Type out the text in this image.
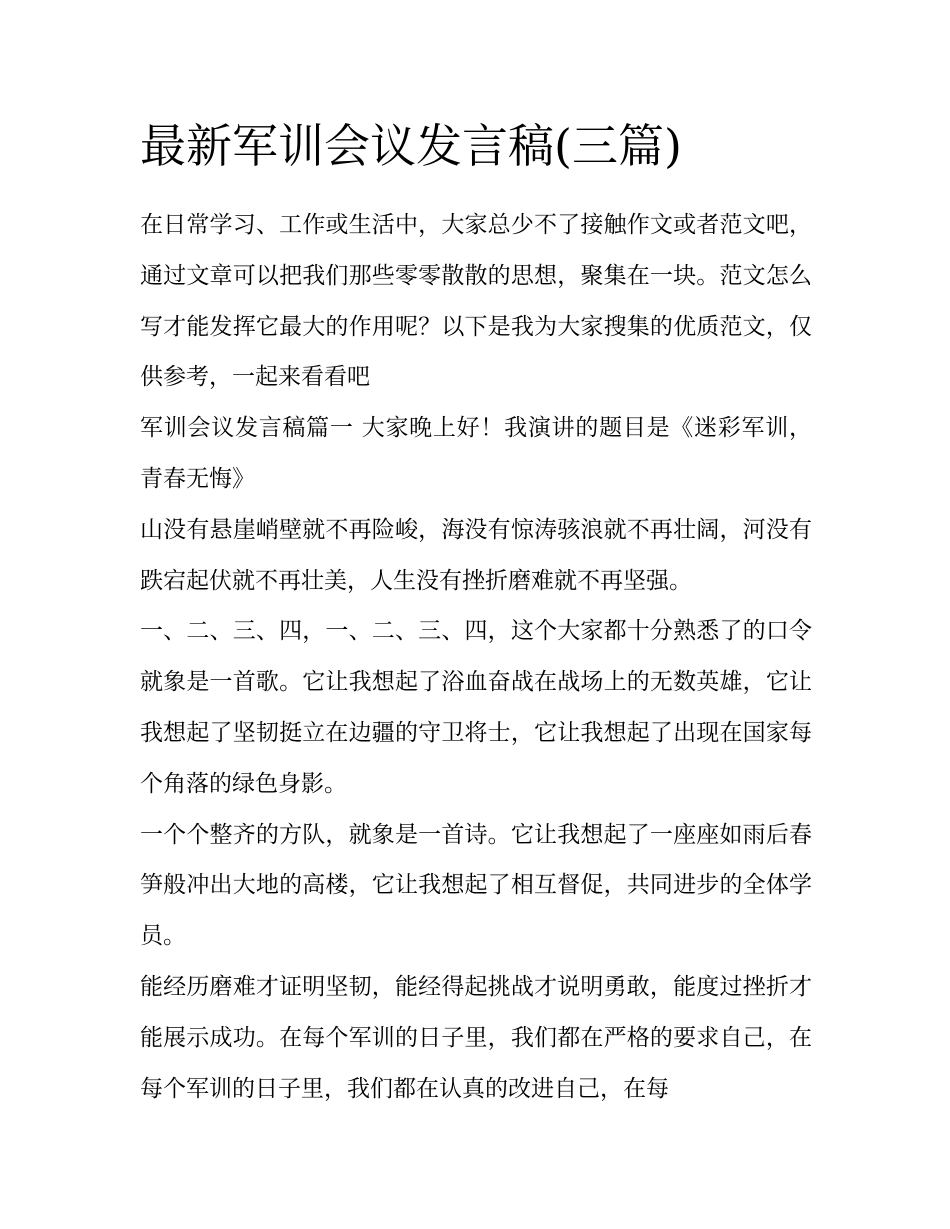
最新军训会议发言稿(三篇)

在日常学习、工作或生活中，大家总少不了接触作文或者范文吧，通过文章可以把我们那些零零散散的思想，聚集在一块。范文怎么写才能发挥它最大的作用呢？以下是我为大家搜集的优质范文，仅供参考，一起来看看吧

军训会议发言稿篇一 大家晚上好！我演讲的题目是《迷彩军训，青春无悔》

山没有悬崖峭壁就不再险峻，海没有惊涛骇浪就不再壮阔，河没有跌宕起伏就不再壮美，人生没有挫折磨难就不再坚强。

一、二、三、四，一、二、三、四，这个大家都十分熟悉了的口令就象是一首歌。它让我想起了浴血奋战在战场上的无数英雄，它让我想起了坚韧挺立在边疆的守卫将士，它让我想起了出现在国家每个角落的绿色身影。

一个个整齐的方队，就象是一首诗。它让我想起了一座座如雨后春笋般冲出大地的高楼，它让我想起了相互督促，共同进步的全体学员。

能经历磨难才证明坚韧，能经得起挑战才说明勇敢，能度过挫折才能展示成功。在每个军训的日子里，我们都在严格的要求自己，在每个军训的日子里，我们都在认真的改进自己，在每
